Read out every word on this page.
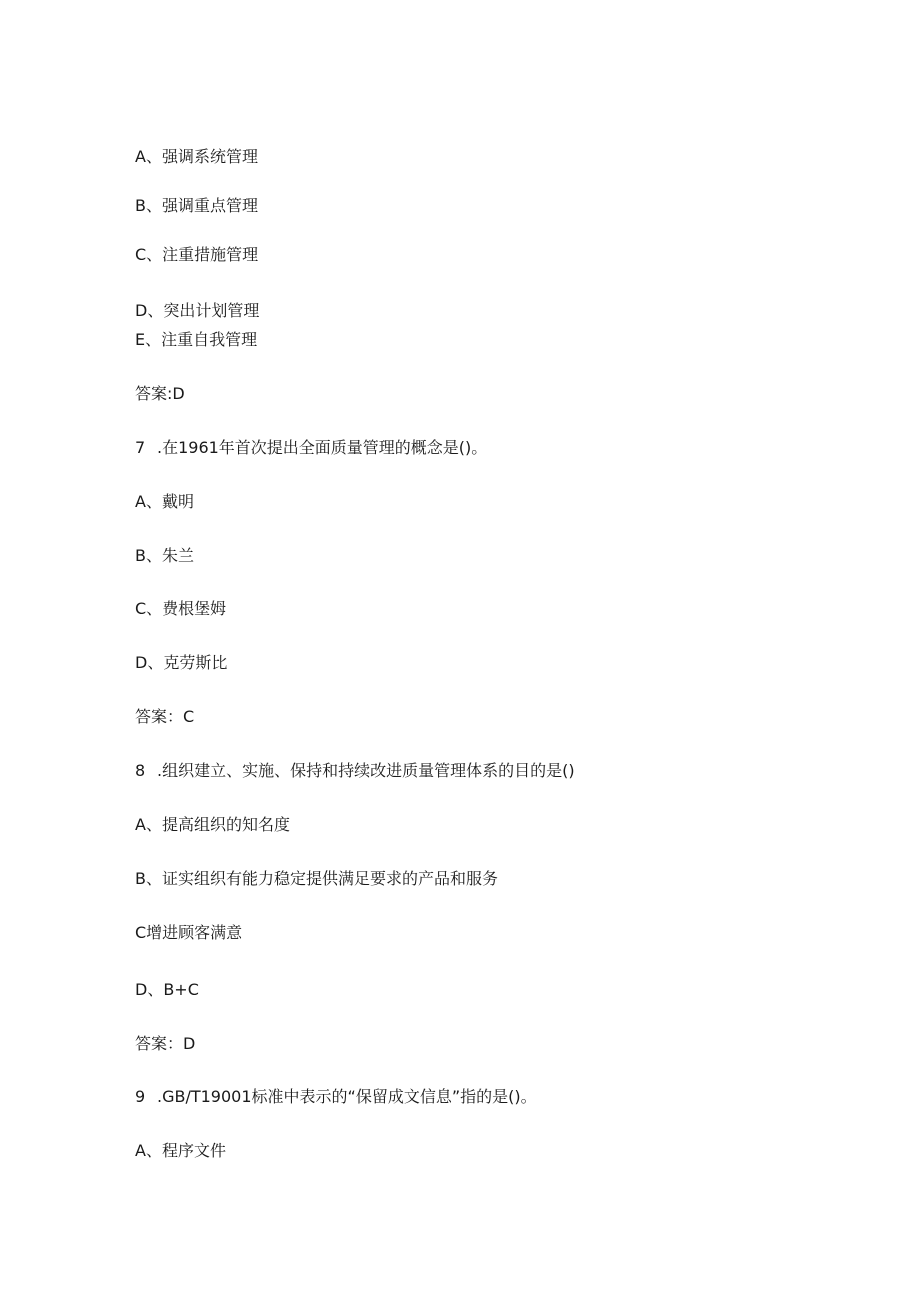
A、强调系统管理
B、强调重点管理
C、注重措施管理
D、突出计划管理
E、注重自我管理
答案:D
7 .在1961年首次提出全面质量管理的概念是()。
A、戴明
B、朱兰
C、费根堡姆
D、克劳斯比
答案：C
8 .组织建立、实施、保持和持续改进质量管理体系的目的是()
A、提高组织的知名度
B、证实组织有能力稳定提供满足要求的产品和服务
C增进顾客满意
D、B+C
答案：D
9 .GB/T19001标准中表示的“保留成文信息”指的是()。
A、程序文件
